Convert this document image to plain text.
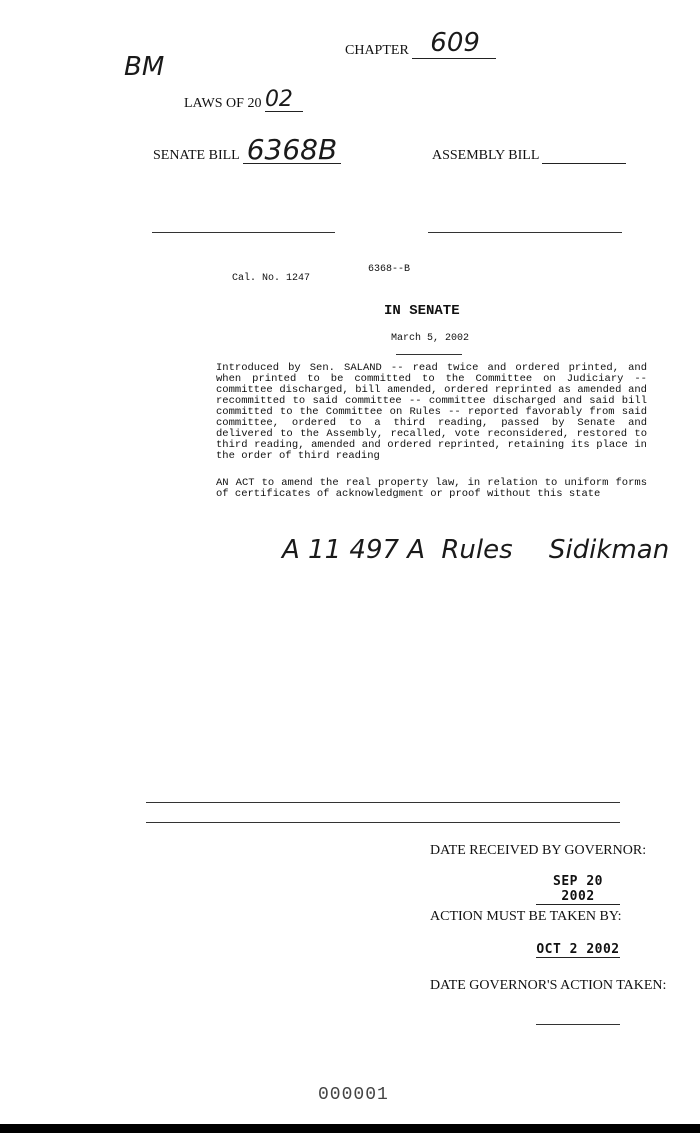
BM
CHAPTER 609
LAWS OF 20 02
SENATE BILL 6368B	ASSEMBLY BILL
6368--B
Cal. No. 1247
IN SENATE
March 5, 2002
Introduced by Sen. SALAND -- read twice and ordered printed, and when printed to be committed to the Committee on Judiciary -- committee discharged, bill amended, ordered reprinted as amended and recommitted to said committee -- committee discharged and said bill committed to the Committee on Rules -- reported favorably from said committee, ordered to a third reading, passed by Senate and delivered to the Assembly, recalled, vote reconsidered, restored to third reading, amended and ordered reprinted, retaining its place in the order of third reading
AN ACT to amend the real property law, in relation to uniform forms of certificates of acknowledgment or proof without this state
A 11 497 A Rules Sidikman
DATE RECEIVED BY GOVERNOR:
SEP 20 2002
ACTION MUST BE TAKEN BY:
OCT 2 2002
DATE GOVERNOR'S ACTION TAKEN:
000001
